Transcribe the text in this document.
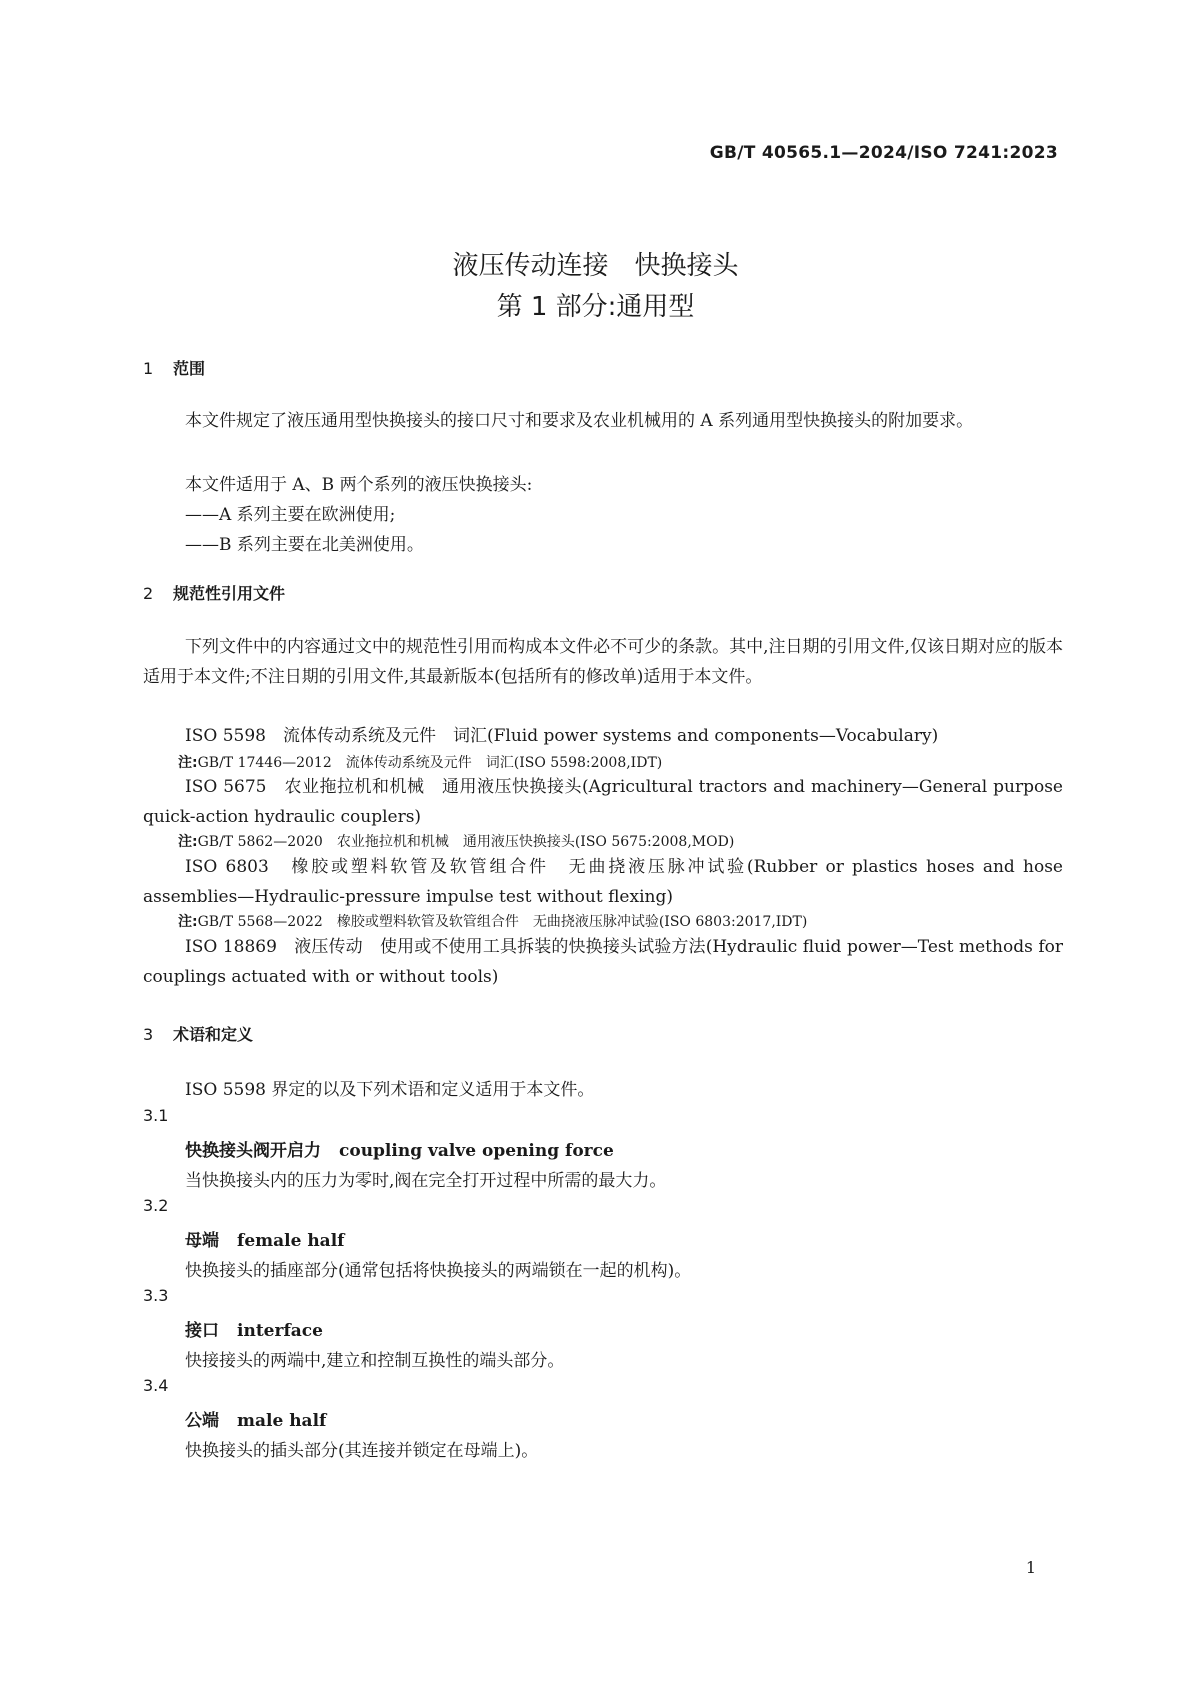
GB/T 40565.1—2024/ISO 7241:2023
液压传动连接　快换接头
第 1 部分:通用型
1 范围
本文件规定了液压通用型快换接头的接口尺寸和要求及农业机械用的 A 系列通用型快换接头的附加要求。
本文件适用于 A、B 两个系列的液压快换接头:
——A 系列主要在欧洲使用;
——B 系列主要在北美洲使用。
2 规范性引用文件
下列文件中的内容通过文中的规范性引用而构成本文件必不可少的条款。其中,注日期的引用文件,仅该日期对应的版本适用于本文件;不注日期的引用文件,其最新版本(包括所有的修改单)适用于本文件。
ISO 5598　流体传动系统及元件　词汇(Fluid power systems and components—Vocabulary)
注:GB/T 17446—2012　流体传动系统及元件　词汇(ISO 5598:2008,IDT)
ISO 5675　农业拖拉机和机械　通用液压快换接头(Agricultural tractors and machinery—General purpose quick-action hydraulic couplers)
注:GB/T 5862—2020　农业拖拉机和机械　通用液压快换接头(ISO 5675:2008,MOD)
ISO 6803　橡胶或塑料软管及软管组合件　无曲挠液压脉冲试验(Rubber or plastics hoses and hose assemblies—Hydraulic-pressure impulse test without flexing)
注:GB/T 5568—2022　橡胶或塑料软管及软管组合件　无曲挠液压脉冲试验(ISO 6803:2017,IDT)
ISO 18869　液压传动　使用或不使用工具拆装的快换接头试验方法(Hydraulic fluid power—Test methods for couplings actuated with or without tools)
3 术语和定义
ISO 5598 界定的以及下列术语和定义适用于本文件。
3.1
快换接头阀开启力 coupling valve opening force
当快换接头内的压力为零时,阀在完全打开过程中所需的最大力。
3.2
母端 female half
快换接头的插座部分(通常包括将快换接头的两端锁在一起的机构)。
3.3
接口 interface
快接接头的两端中,建立和控制互换性的端头部分。
3.4
公端 male half
快换接头的插头部分(其连接并锁定在母端上)。
1
